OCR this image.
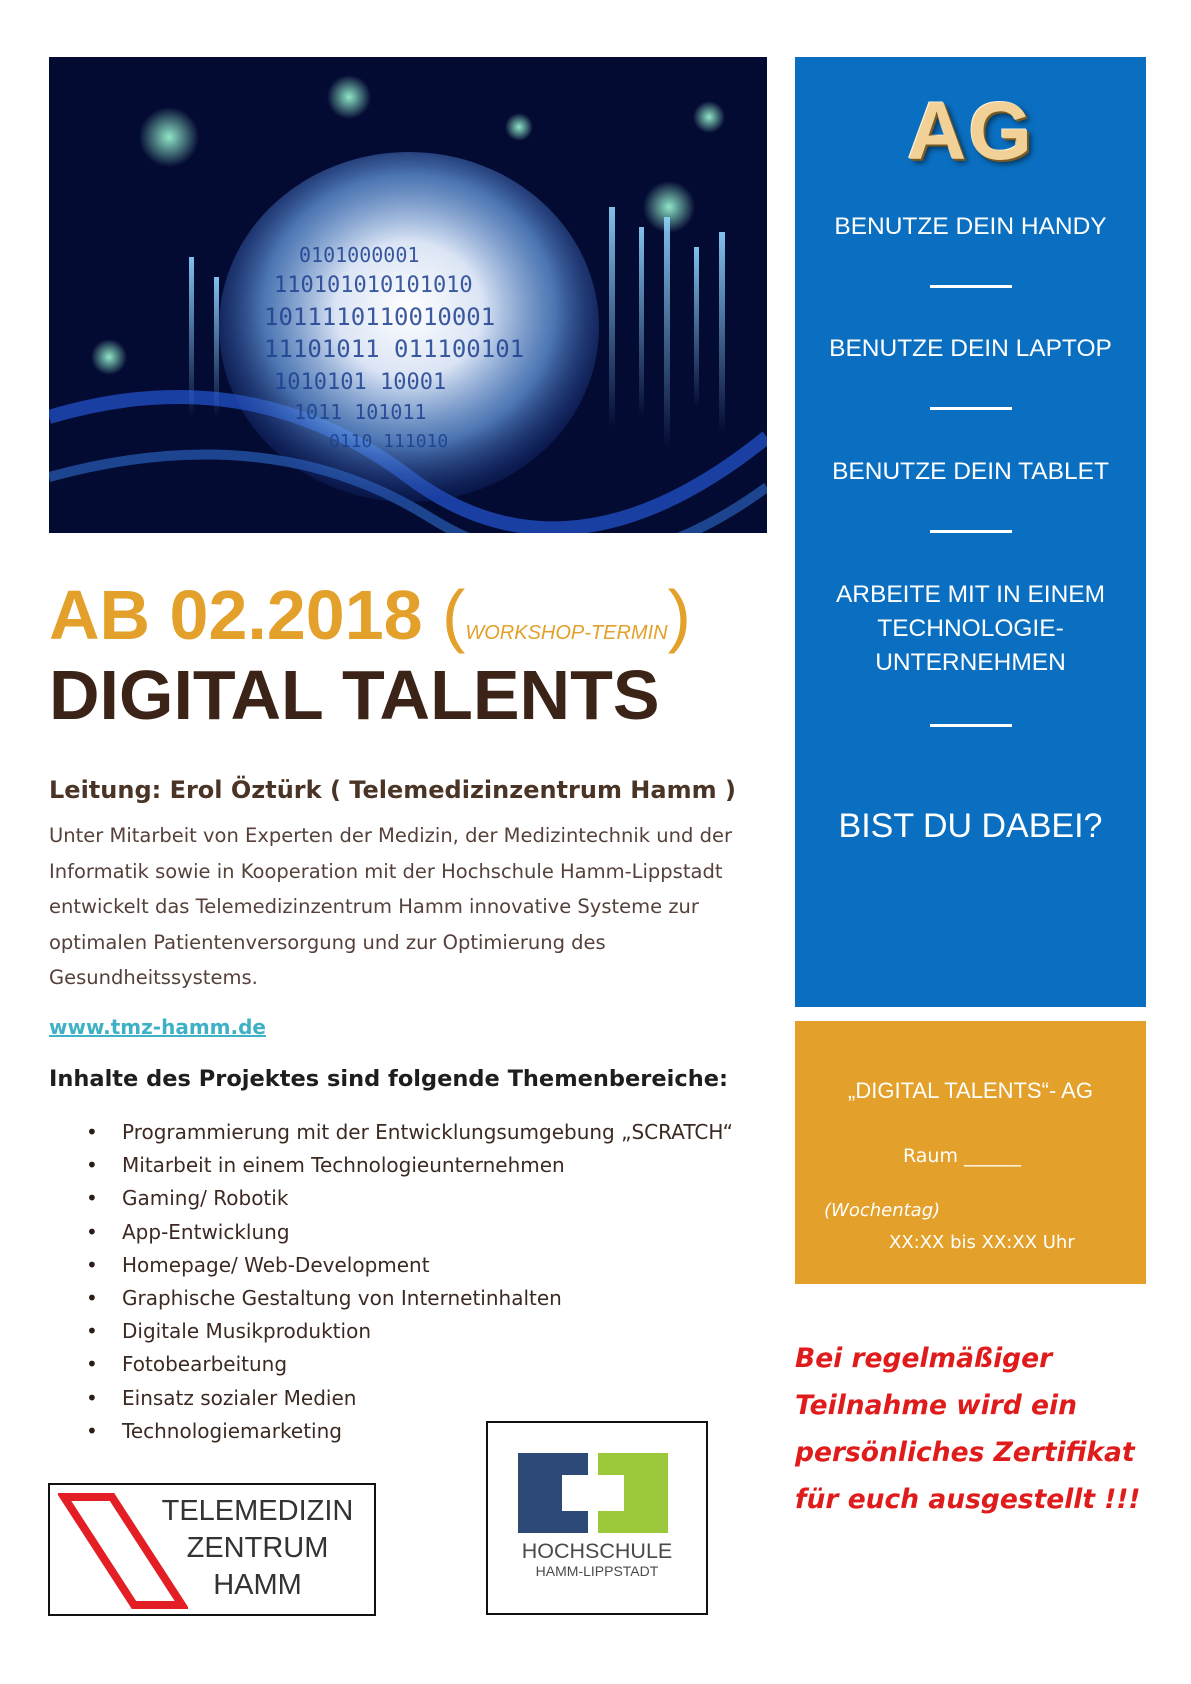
0101000001
110101010101010
1011110110010001
11101011 011100101
1010101 10001
1011 101011
0110 111010
AB 02.2018 (WORKSHOP-TERMIN)
DIGITAL TALENTS
Leitung: Erol Öztürk ( Telemedizinzentrum Hamm )
Unter Mitarbeit von Experten der Medizin, der Medizintechnik und der Informatik sowie in Kooperation mit der Hochschule Hamm-Lippstadt entwickelt das Telemedizinzentrum Hamm innovative Systeme zur optimalen Patientenversorgung und zur Optimierung des Gesundheitssystems.
www.tmz-hamm.de
Inhalte des Projektes sind folgende Themenbereiche:
• Programmierung mit der Entwicklungsumgebung „SCRATCH“
• Mitarbeit in einem Technologieunternehmen
• Gaming/ Robotik
• App-Entwicklung
• Homepage/ Web-Development
• Graphische Gestaltung von Internetinhalten
• Digitale Musikproduktion
• Fotobearbeitung
• Einsatz sozialer Medien
• Technologiemarketing
AG
BENUTZE DEIN HANDY
BENUTZE DEIN LAPTOP
BENUTZE DEIN TABLET
ARBEITE MIT IN EINEM TECHNOLOGIE-UNTERNEHMEN
BIST DU DABEI?
„DIGITAL TALENTS“- AG
Raum ______
(Wochentag)
XX:XX bis XX:XX Uhr
Bei regelmäßiger Teilnahme wird ein persönliches Zertifikat für euch ausgestellt !!!
TELEMEDIZIN
ZENTRUM
HAMM
HOCHSCHULE
HAMM-LIPPSTADT
